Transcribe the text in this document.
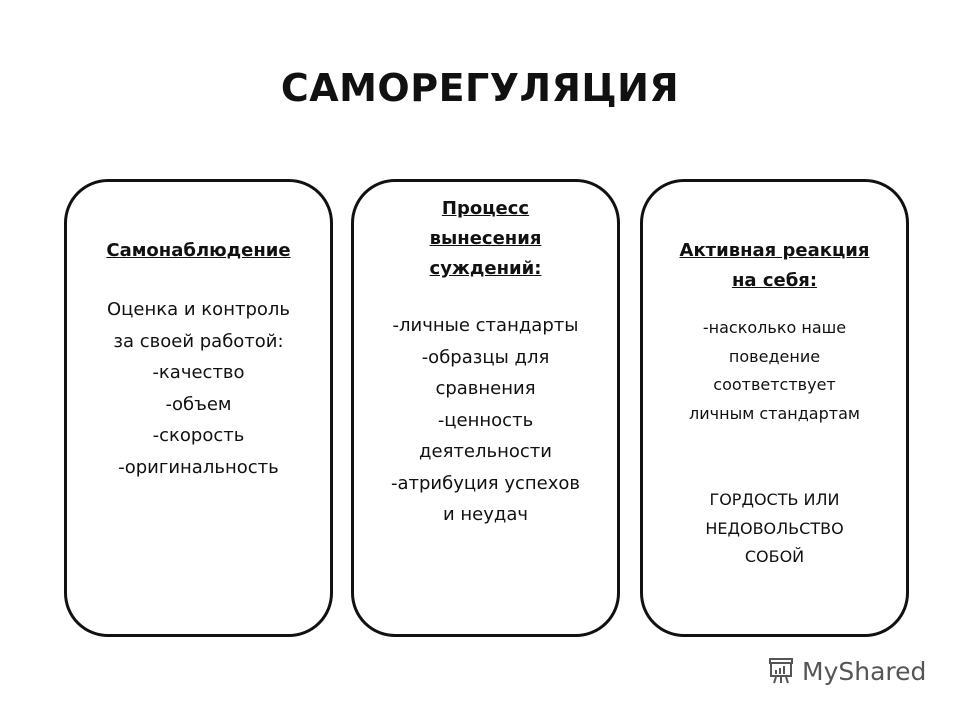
САМОРЕГУЛЯЦИЯ
Самонаблюдение
Оценка и контроль
за своей работой:
-качество
-объем
-скорость
-оригинальность
Процесс
вынесения
суждений:
-личные стандарты
-образцы для
сравнения
-ценность
деятельности
-атрибуция успехов
и неудач
Активная реакция
на себя:
-насколько наше
поведение
соответствует
личным стандартам
ГОРДОСТЬ ИЛИ
НЕДОВОЛЬСТВО
СОБОЙ
MyShared
